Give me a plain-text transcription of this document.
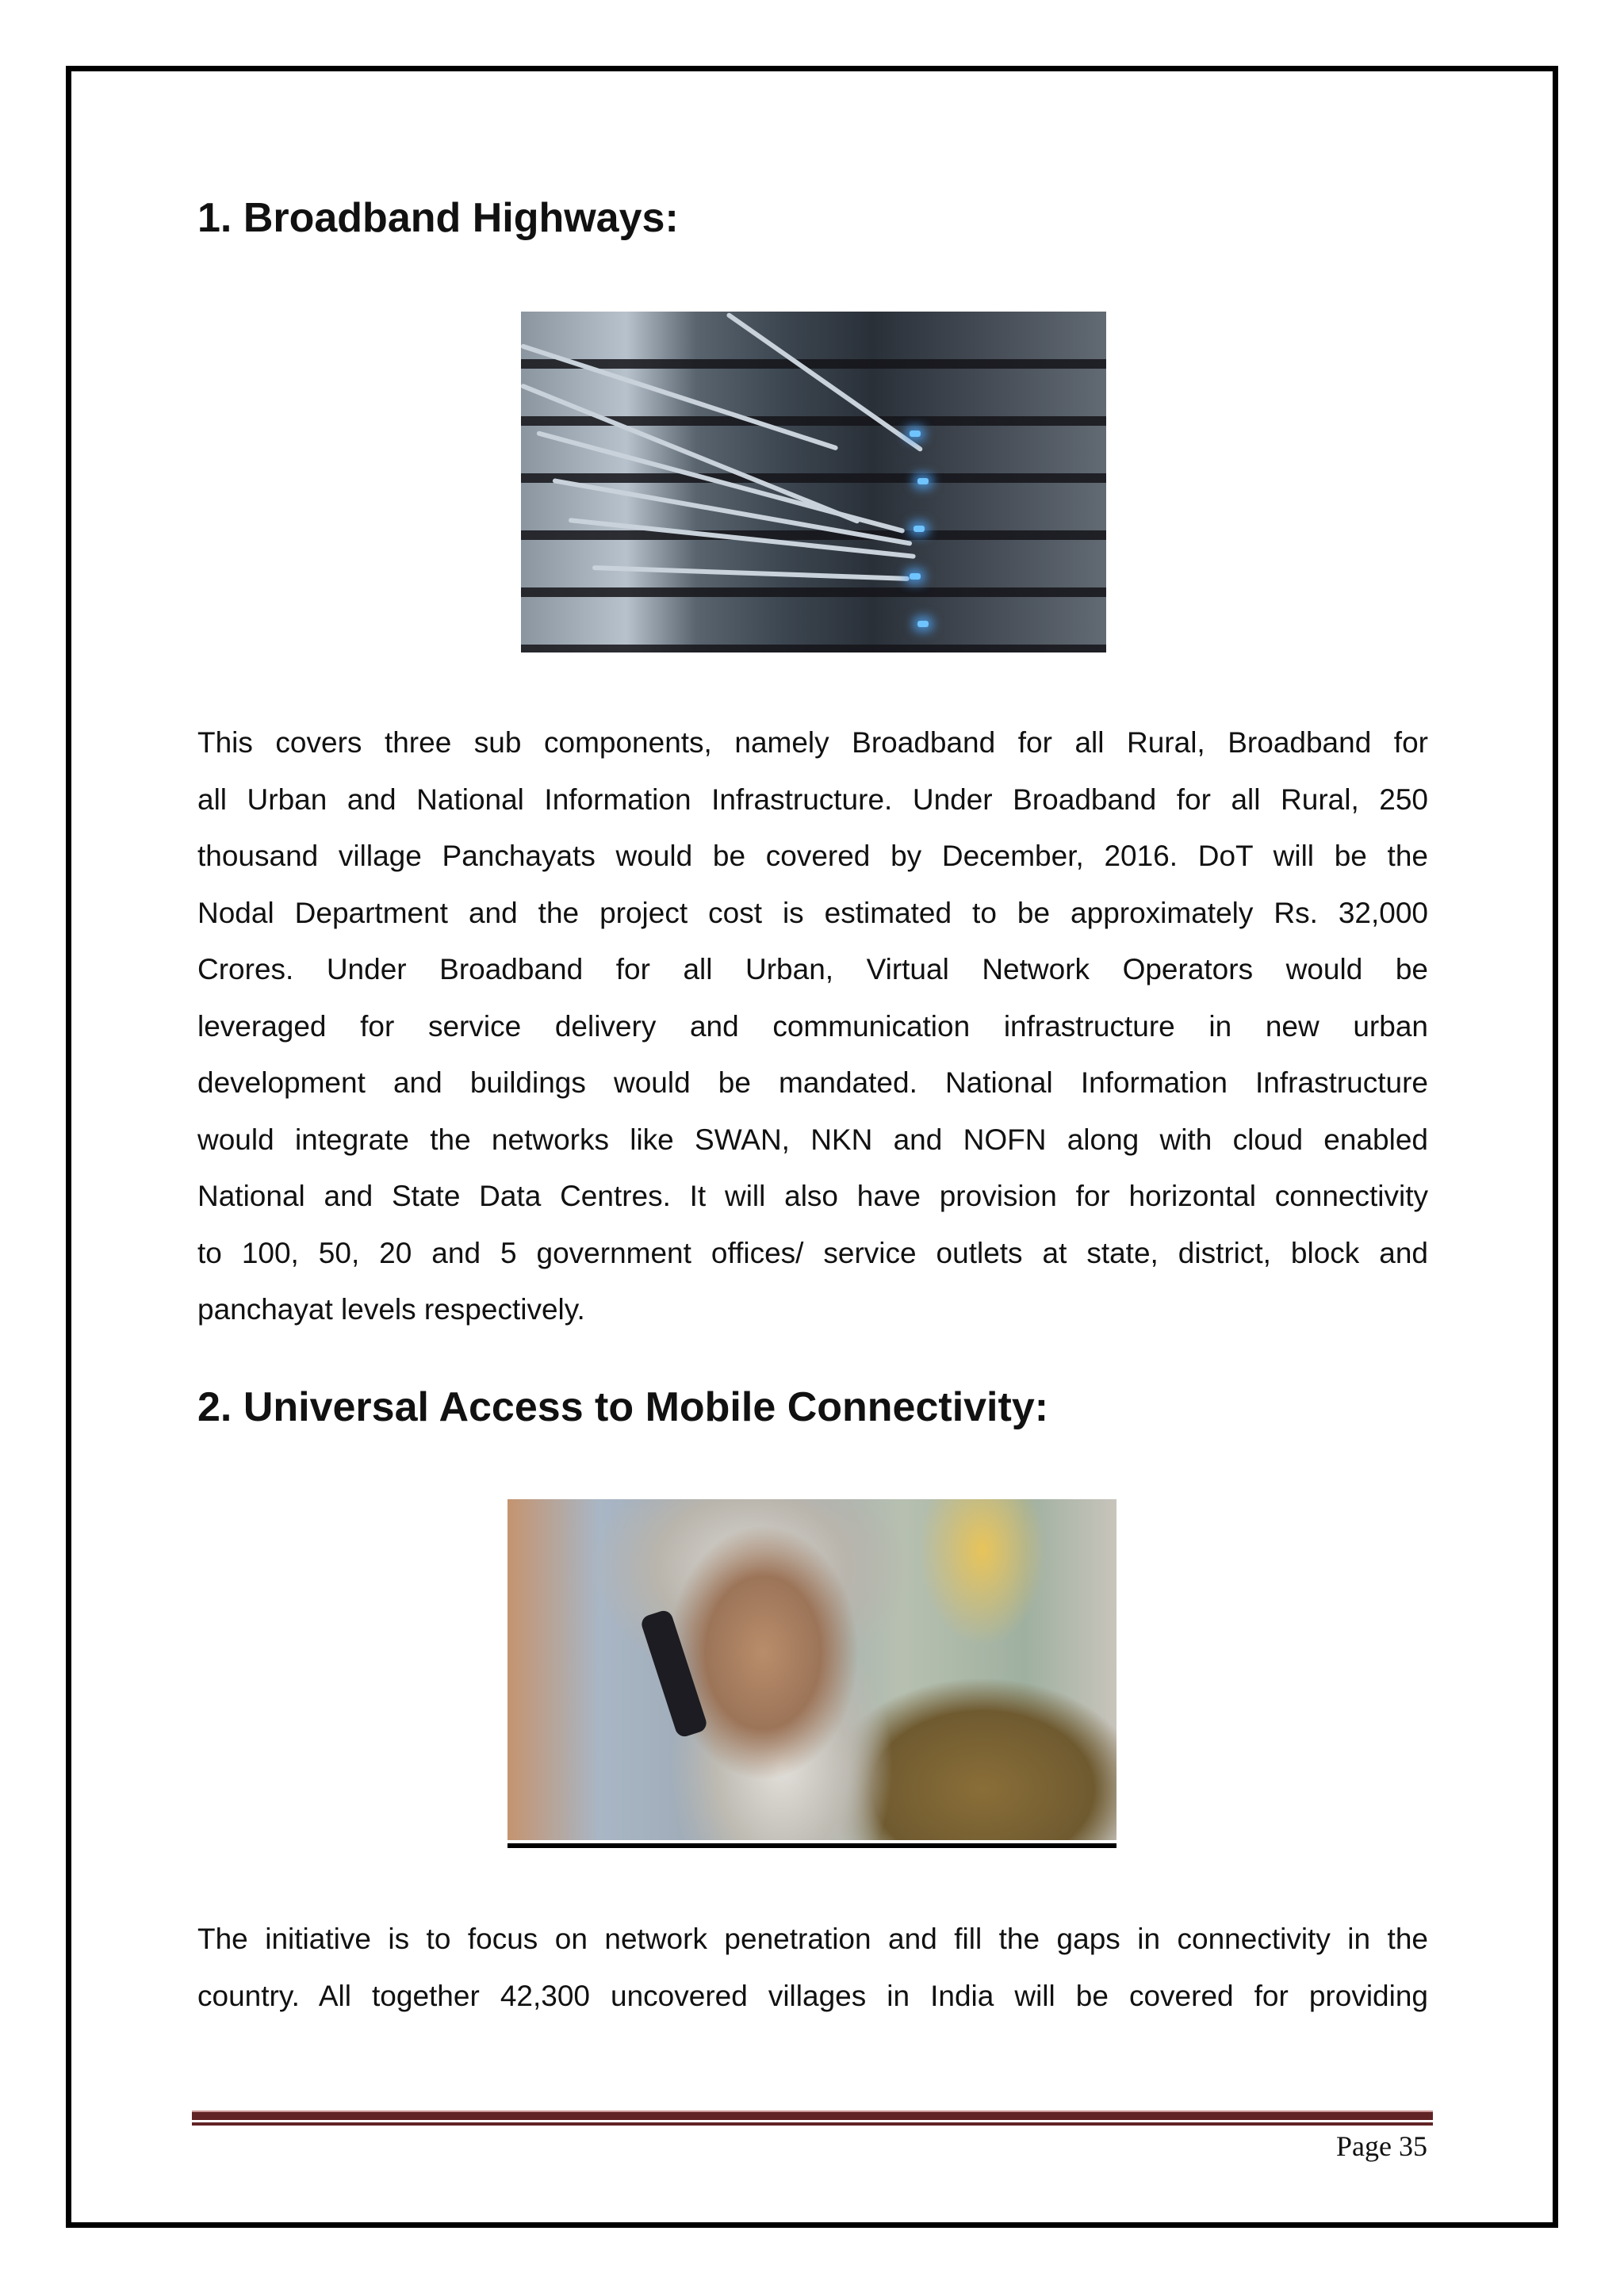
1. Broadband Highways:
This covers three sub components, namely Broadband for all Rural, Broadband for
all Urban and National Information Infrastructure. Under Broadband for all Rural, 250
thousand village Panchayats would be covered by December, 2016. DoT will be the
Nodal Department and the project cost is estimated to be approximately Rs. 32,000
Crores. Under Broadband for all Urban, Virtual Network Operators would be
leveraged for service delivery and communication infrastructure in new urban
development and buildings would be mandated. National Information Infrastructure
would integrate the networks like SWAN, NKN and NOFN along with cloud enabled
National and State Data Centres. It will also have provision for horizontal connectivity
to 100, 50, 20 and 5 government offices/ service outlets at state, district, block and
panchayat levels respectively.
2. Universal Access to Mobile Connectivity:
The initiative is to focus on network penetration and fill the gaps in connectivity in the
country. All together 42,300 uncovered villages in India will be covered for providing
Page 35
